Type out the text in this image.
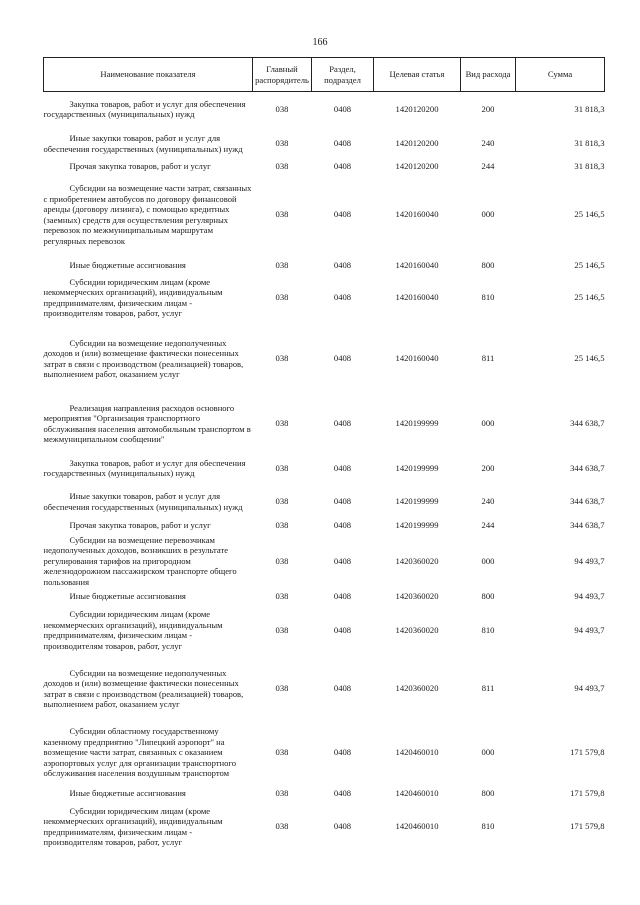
166
Наименование показателя	Главный распорядитель	Раздел, подраздел	Целевая статья	Вид расхода	Сумма
Закупка товаров, работ и услуг для обеспечения государственных (муниципальных) нужд	038	0408	1420120200	200	31 818,3
Иные закупки товаров, работ и услуг для обеспечения государственных (муниципальных) нужд	038	0408	1420120200	240	31 818,3
Прочая закупка товаров, работ и услуг	038	0408	1420120200	244	31 818,3
Субсидии на возмещение части затрат, связанных с приобретением автобусов по договору финансовой аренды (договору лизинга), с помощью кредитных (заемных) средств для осуществления регулярных перевозок по межмуниципальным маршрутам регулярных перевозок	038	0408	1420160040	000	25 146,5
Иные бюджетные ассигнования	038	0408	1420160040	800	25 146,5
Субсидии юридическим лицам (кроме некоммерческих организаций), индивидуальным предпринимателям, физическим лицам - производителям товаров, работ, услуг	038	0408	1420160040	810	25 146,5
Субсидии на возмещение недополученных доходов и (или) возмещение фактически понесенных затрат в связи с производством (реализацией) товаров, выполнением работ, оказанием услуг	038	0408	1420160040	811	25 146,5
Реализация направления расходов основного мероприятия "Организация транспортного обслуживания населения автомобильным транспортом в межмуниципальном сообщении"	038	0408	1420199999	000	344 638,7
Закупка товаров, работ и услуг для обеспечения государственных (муниципальных) нужд	038	0408	1420199999	200	344 638,7
Иные закупки товаров, работ и услуг для обеспечения государственных (муниципальных) нужд	038	0408	1420199999	240	344 638,7
Прочая закупка товаров, работ и услуг	038	0408	1420199999	244	344 638,7
Субсидии на возмещение перевозчикам недополученных доходов, возникших в результате регулирования тарифов на пригородном железнодорожном пассажирском транспорте общего пользования	038	0408	1420360020	000	94 493,7
Иные бюджетные ассигнования	038	0408	1420360020	800	94 493,7
Субсидии юридическим лицам (кроме некоммерческих организаций), индивидуальным предпринимателям, физическим лицам - производителям товаров, работ, услуг	038	0408	1420360020	810	94 493,7
Субсидии на возмещение недополученных доходов и (или) возмещение фактически понесенных затрат в связи с производством (реализацией) товаров, выполнением работ, оказанием услуг	038	0408	1420360020	811	94 493,7
Субсидии областному государственному казенному предприятию "Липецкий аэропорт" на возмещение части затрат, связанных с оказанием аэропортовых услуг для организации транспортного обслуживания населения воздушным транспортом	038	0408	1420460010	000	171 579,8
Иные бюджетные ассигнования	038	0408	1420460010	800	171 579,8
Субсидии юридическим лицам (кроме некоммерческих организаций), индивидуальным предпринимателям, физическим лицам - производителям товаров, работ, услуг	038	0408	1420460010	810	171 579,8
